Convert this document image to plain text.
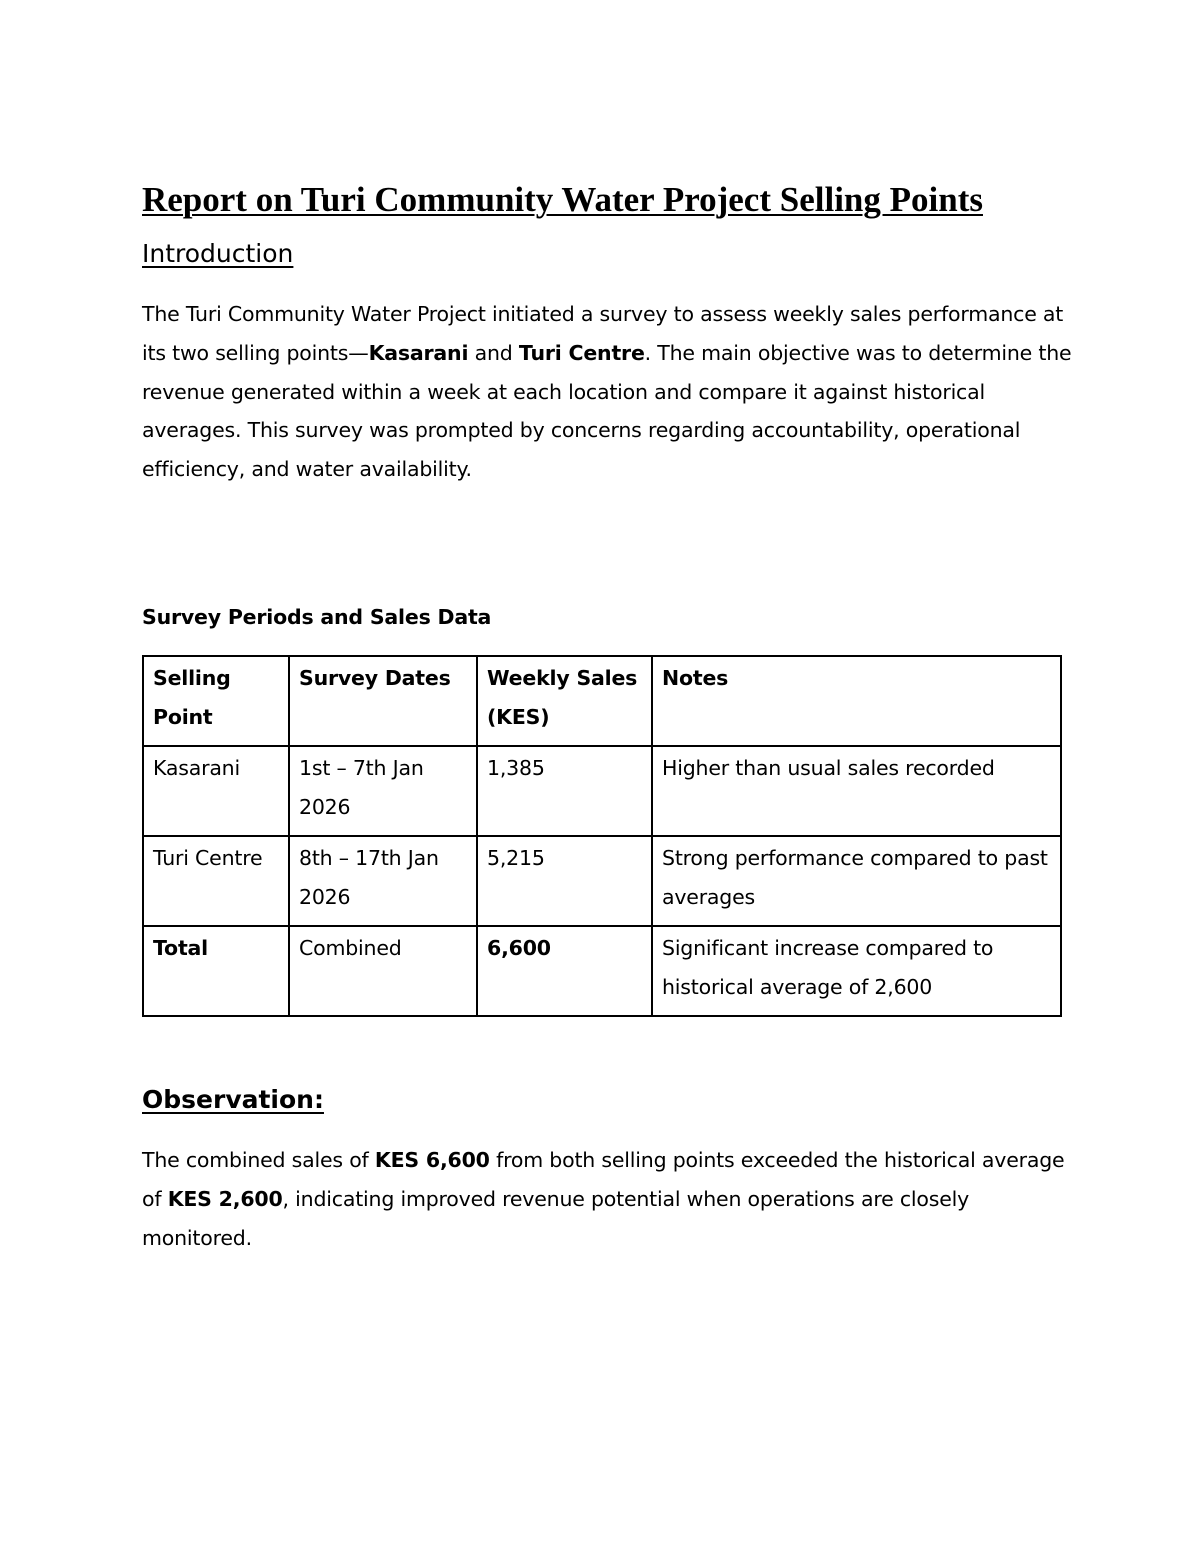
Report on Turi Community Water Project Selling Points
Introduction

The Turi Community Water Project initiated a survey to assess weekly sales performance at its two selling points—Kasarani and Turi Centre. The main objective was to determine the revenue generated within a week at each location and compare it against historical averages. This survey was prompted by concerns regarding accountability, operational efficiency, and water availability.

Survey Periods and Sales Data

Selling Point	Survey Dates	Weekly Sales (KES)	Notes
Kasarani	1st – 7th Jan 2026	1,385	Higher than usual sales recorded
Turi Centre	8th – 17th Jan 2026	5,215	Strong performance compared to past averages
Total	Combined	6,600	Significant increase compared to historical average of 2,600
Observation:

The combined sales of KES 6,600 from both selling points exceeded the historical average of KES 2,600, indicating improved revenue potential when operations are closely monitored.
